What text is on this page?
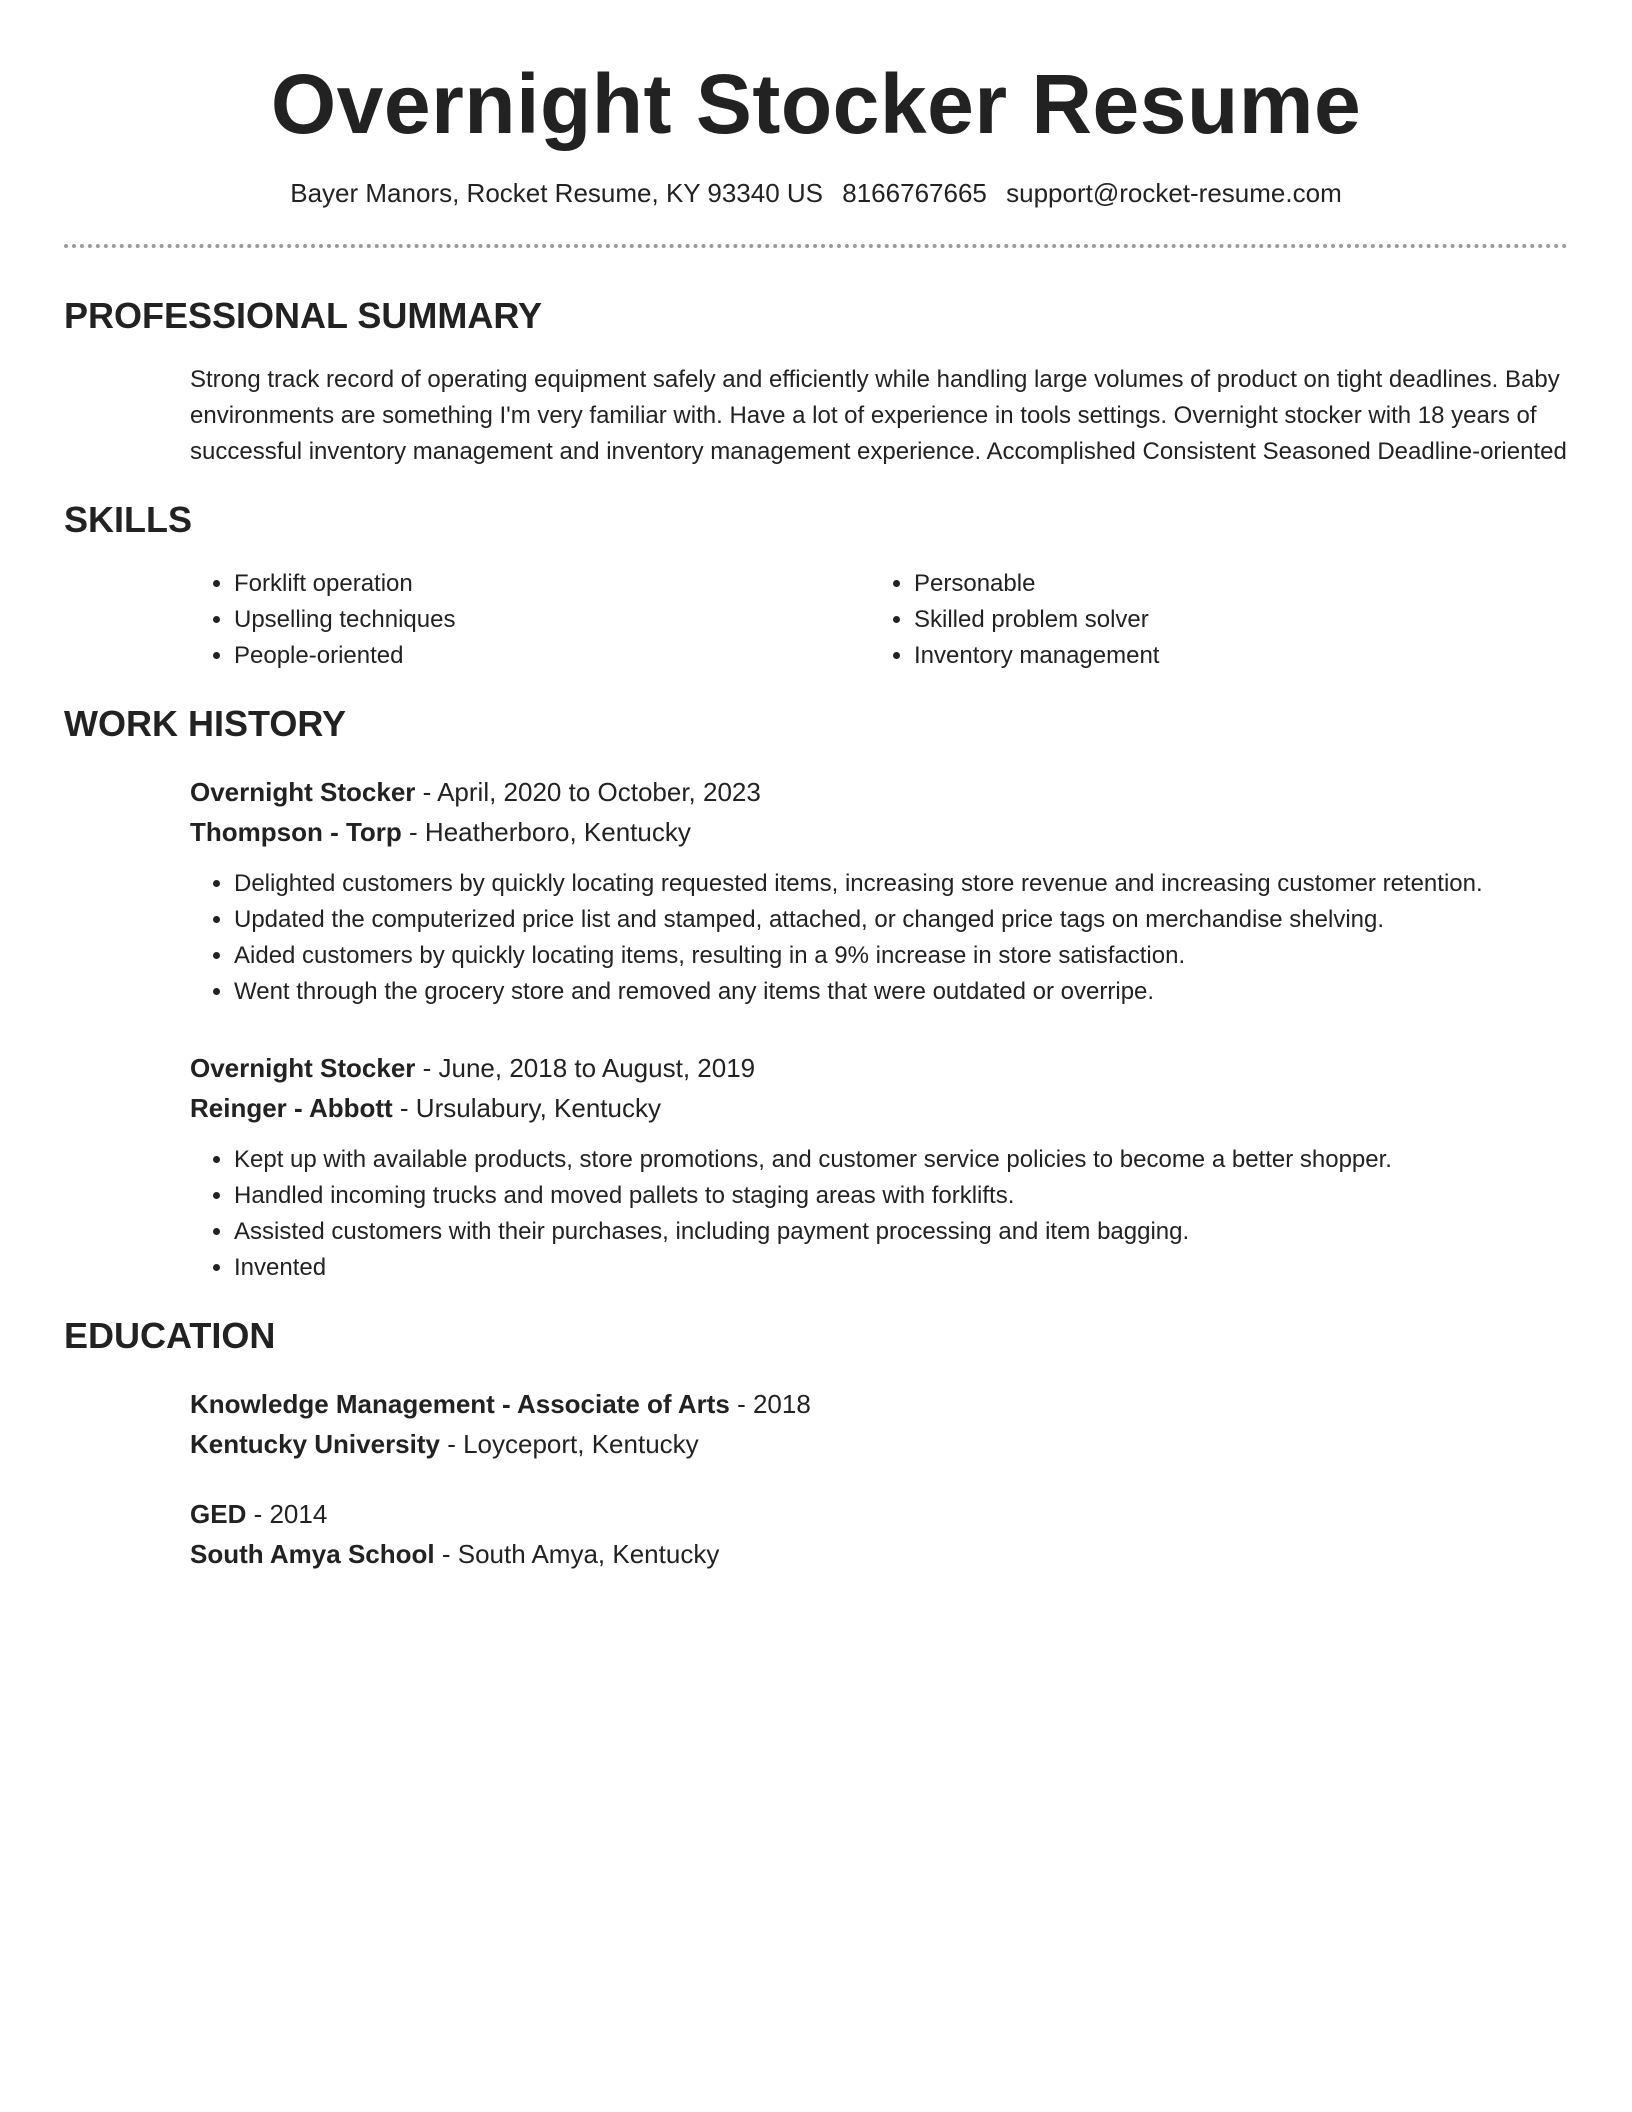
Overnight Stocker Resume
Bayer Manors, Rocket Resume, KY 93340 US 8166767665 support@rocket-resume.com
PROFESSIONAL SUMMARY
Strong track record of operating equipment safely and efficiently while handling large volumes of product on tight deadlines. Baby environments are something I'm very familiar with. Have a lot of experience in tools settings. Overnight stocker with 18 years of successful inventory management and inventory management experience. Accomplished Consistent Seasoned Deadline-oriented
SKILLS
• Forklift operation
• Upselling techniques
• People-oriented
• Personable
• Skilled problem solver
• Inventory management
WORK HISTORY
Overnight Stocker - April, 2020 to October, 2023
Thompson - Torp - Heatherboro, Kentucky
• Delighted customers by quickly locating requested items, increasing store revenue and increasing customer retention.
• Updated the computerized price list and stamped, attached, or changed price tags on merchandise shelving.
• Aided customers by quickly locating items, resulting in a 9% increase in store satisfaction.
• Went through the grocery store and removed any items that were outdated or overripe.
Overnight Stocker - June, 2018 to August, 2019
Reinger - Abbott - Ursulabury, Kentucky
• Kept up with available products, store promotions, and customer service policies to become a better shopper.
• Handled incoming trucks and moved pallets to staging areas with forklifts.
• Assisted customers with their purchases, including payment processing and item bagging.
• Invented
EDUCATION
Knowledge Management - Associate of Arts - 2018
Kentucky University - Loyceport, Kentucky
GED - 2014
South Amya School - South Amya, Kentucky
